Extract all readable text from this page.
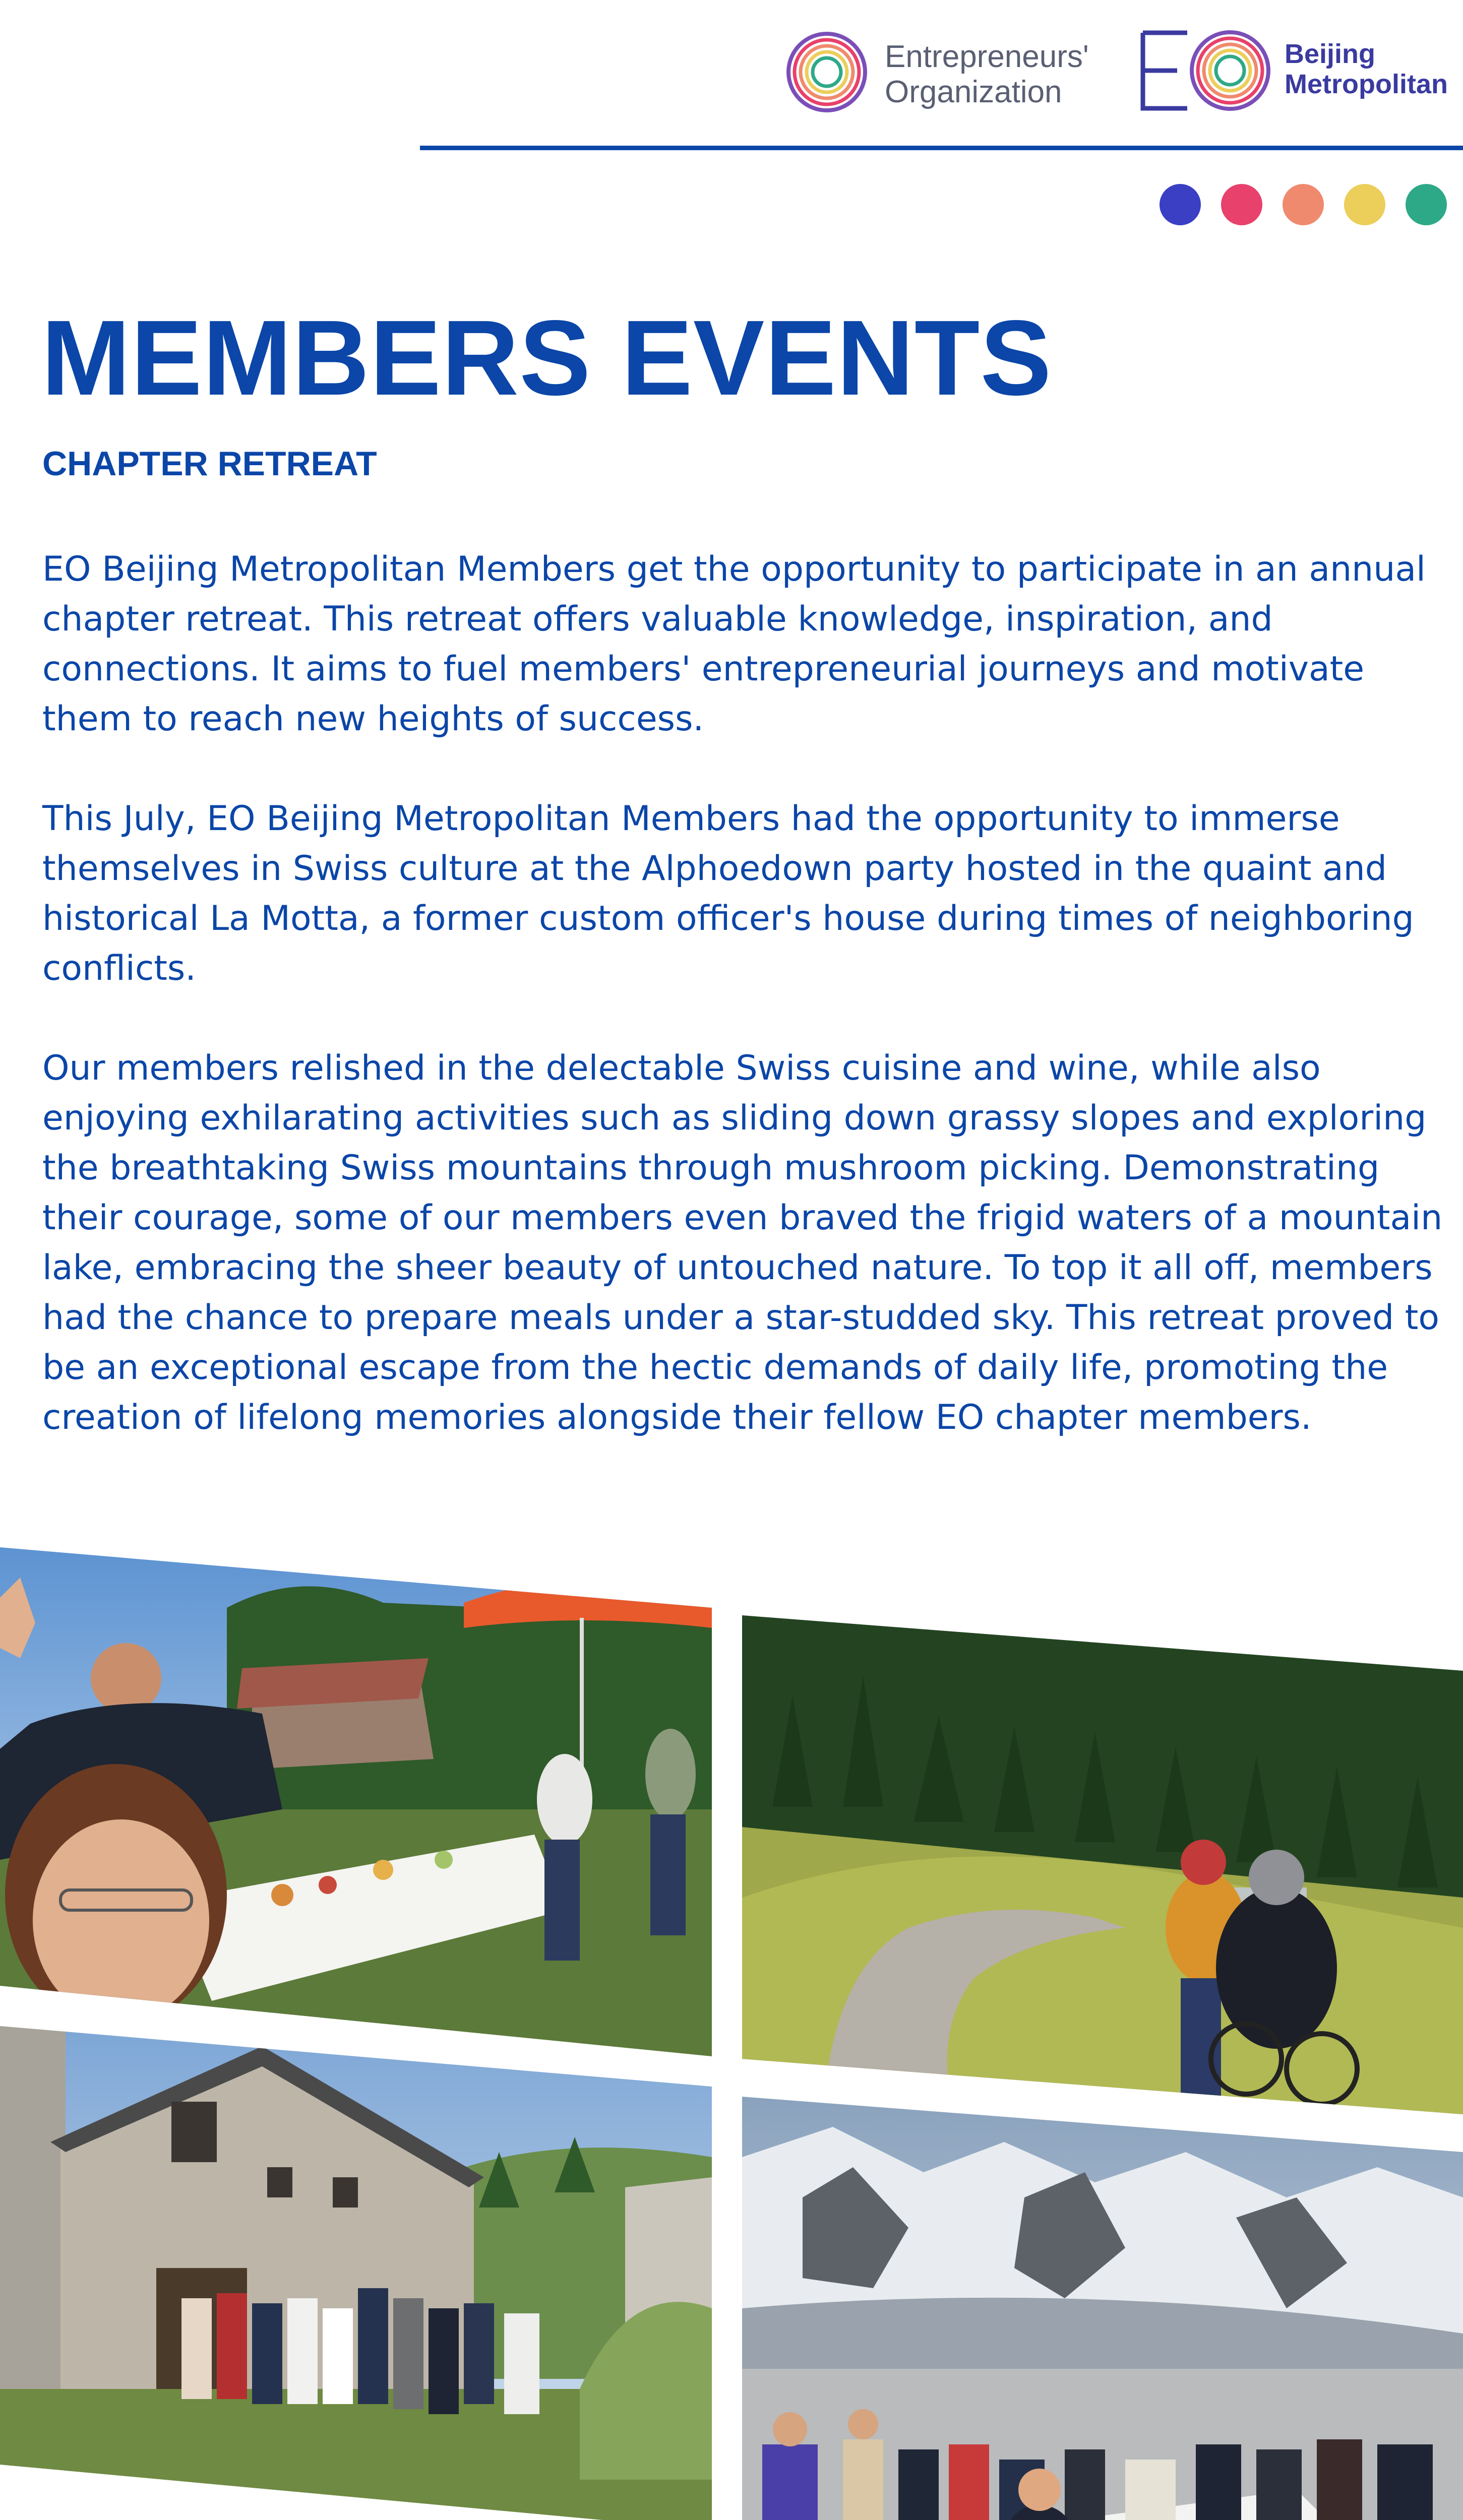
Entrepreneurs'
Organization
Beijing
Metropolitan
MEMBERS EVENTS
CHAPTER RETREAT

EO Beijing Metropolitan Members get the opportunity to participate in an annual chapter retreat. This retreat offers valuable knowledge, inspiration, and connections. It aims to fuel members' entrepreneurial journeys and motivate them to reach new heights of success.

This July, EO Beijing Metropolitan Members had the opportunity to immerse themselves in Swiss culture at the Alphoedown party hosted in the quaint and historical La Motta, a former custom officer's house during times of neighboring conflicts.

Our members relished in the delectable Swiss cuisine and wine, while also enjoying exhilarating activities such as sliding down grassy slopes and exploring the breathtaking Swiss mountains through mushroom picking. Demonstrating their courage, some of our members even braved the frigid waters of a mountain lake, embracing the sheer beauty of untouched nature. To top it all off, members had the chance to prepare meals under a star-studded sky. This retreat proved to be an exceptional escape from the hectic demands of daily life, promoting the creation of lifelong memories alongside their fellow EO chapter members.
